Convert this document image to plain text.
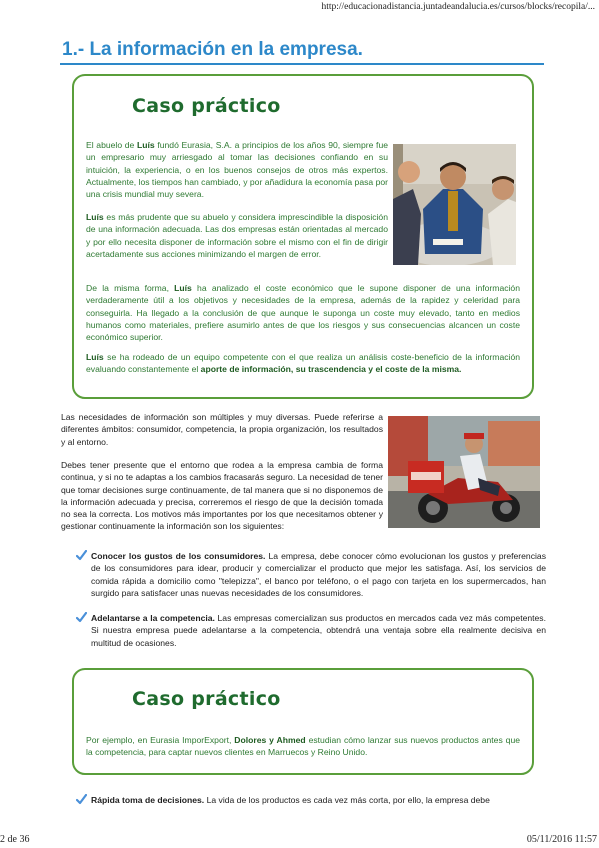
http://educacionadistancia.juntadeandalucia.es/cursos/blocks/recopila/...
1.- La información en la empresa.
Caso práctico
El abuelo de Luís fundó Eurasia, S.A. a principios de los años 90, siempre fue un empresario muy arriesgado al tomar las decisiones confiando en su intuición, la experiencia, o en los buenos consejos de otros más expertos. Actualmente, los tiempos han cambiado, y por añadidura la economía pasa por una crisis mundial muy severa.
Luís es más prudente que su abuelo y considera imprescindible la disposición de una información adecuada. Las dos empresas están orientadas al mercado y por ello necesita disponer de información sobre el mismo con el fin de dirigir acertadamente sus acciones minimizando el margen de error.
De la misma forma, Luís ha analizado el coste económico que le supone disponer de una información verdaderamente útil a los objetivos y necesidades de la empresa, además de la rapidez y celeridad para conseguirla. Ha llegado a la conclusión de que aunque le suponga un coste muy elevado, tanto en medios humanos como materiales, prefiere asumirlo antes de que los riesgos y sus consecuencias alcancen un coste económico superior.
Luís se ha rodeado de un equipo competente con el que realiza un análisis coste-beneficio de la información evaluando constantemente el aporte de información, su trascendencia y el coste de la misma.
Las necesidades de información son múltiples y muy diversas. Puede referirse a diferentes ámbitos: consumidor, competencia, la propia organización, los resultados y al entorno.
Debes tener presente que el entorno que rodea a la empresa cambia de forma continua, y si no te adaptas a los cambios fracasarás seguro. La necesidad de tener que tomar decisiones surge continuamente, de tal manera que si no disponemos de la información adecuada y precisa, correremos el riesgo de que la decisión tomada no sea la correcta. Los motivos más importantes por los que necesitamos obtener y gestionar continuamente la información son los siguientes:
Conocer los gustos de los consumidores. La empresa, debe conocer cómo evolucionan los gustos y preferencias de los consumidores para idear, producir y comercializar el producto que mejor les satisfaga. Así, los servicios de comida rápida a domicilio como "telepizza", el banco por teléfono, o el pago con tarjeta en los supermercados, han surgido para satisfacer unas nuevas necesidades de los consumidores.
Adelantarse a la competencia. Las empresas comercializan sus productos en mercados cada vez más competentes. Si nuestra empresa puede adelantarse a la competencia, obtendrá una ventaja sobre ella realmente decisiva en multitud de ocasiones.
Caso práctico
Por ejemplo, en Eurasia ImporExport, Dolores y Ahmed estudian cómo lanzar sus nuevos productos antes que la competencia, para captar nuevos clientes en Marruecos y Reino Unido.
Rápida toma de decisiones. La vida de los productos es cada vez más corta, por ello, la empresa debe
2 de 36	05/11/2016 11:57
